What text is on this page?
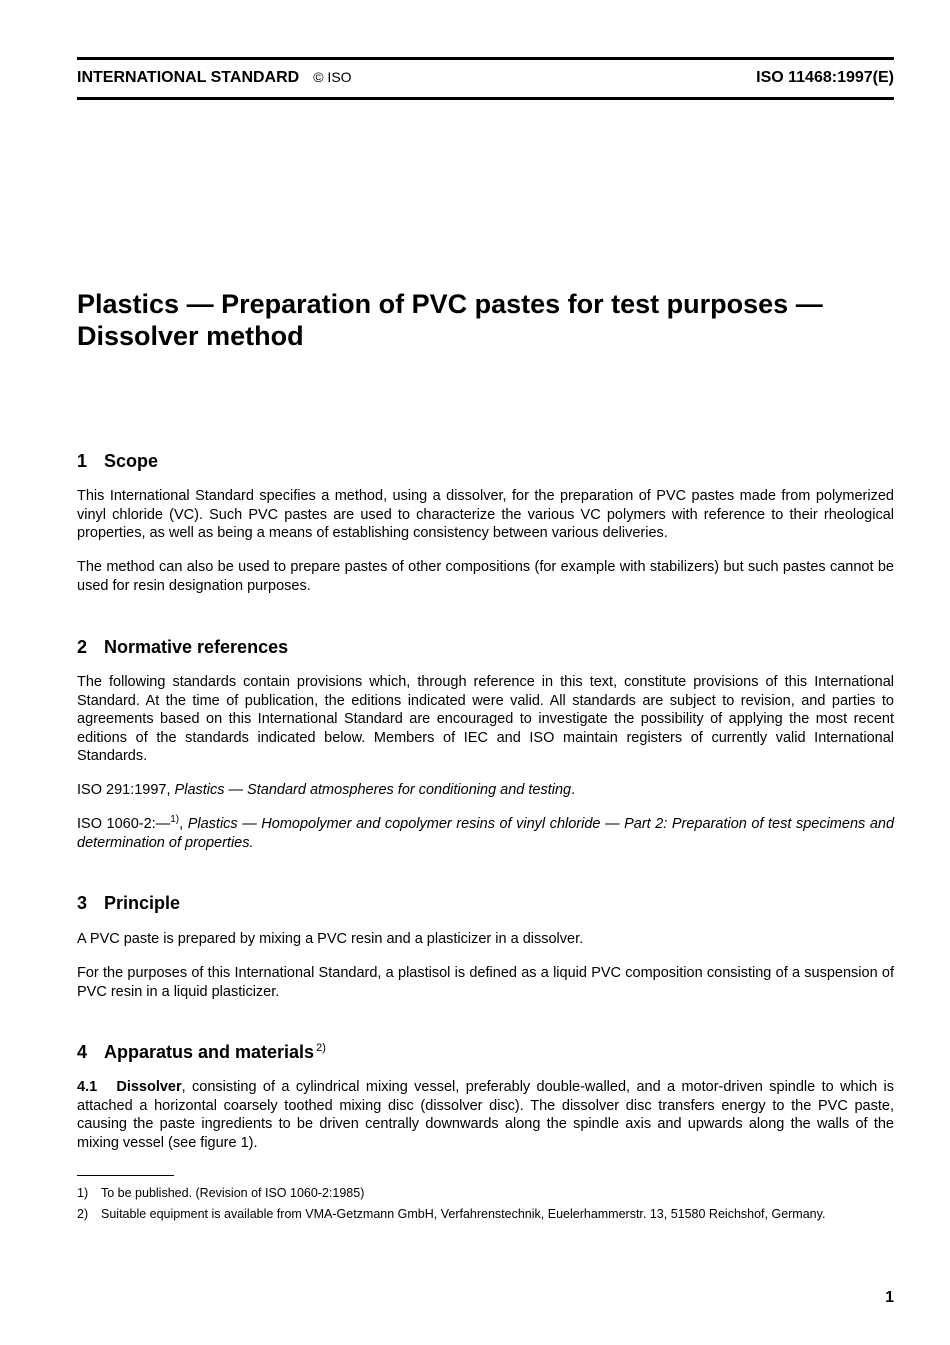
INTERNATIONAL STANDARD © ISO	ISO 11468:1997(E)
Plastics — Preparation of PVC pastes for test purposes —
Dissolver method
1 Scope

This International Standard specifies a method, using a dissolver, for the preparation of PVC pastes made from polymerized vinyl chloride (VC). Such PVC pastes are used to characterize the various VC polymers with reference to their rheological properties, as well as being a means of establishing consistency between various deliveries.

The method can also be used to prepare pastes of other compositions (for example with stabilizers) but such pastes cannot be used for resin designation purposes.

2 Normative references

The following standards contain provisions which, through reference in this text, constitute provisions of this International Standard. At the time of publication, the editions indicated were valid. All standards are subject to revision, and parties to agreements based on this International Standard are encouraged to investigate the possibility of applying the most recent editions of the standards indicated below. Members of IEC and ISO maintain registers of currently valid International Standards.

ISO 291:1997, Plastics — Standard atmospheres for conditioning and testing.

ISO 1060-2:—$^{1)}$, Plastics — Homopolymer and copolymer resins of vinyl chloride — Part 2: Preparation of test specimens and determination of properties.

3 Principle

A PVC paste is prepared by mixing a PVC resin and a plasticizer in a dissolver.

For the purposes of this International Standard, a plastisol is defined as a liquid PVC composition consisting of a suspension of PVC resin in a liquid plasticizer.

4 Apparatus and materials $^{2)}$

4.1 Dissolver, consisting of a cylindrical mixing vessel, preferably double-walled, and a motor-driven spindle to which is attached a horizontal coarsely toothed mixing disc (dissolver disc). The dissolver disc transfers energy to the PVC paste, causing the paste ingredients to be driven centrally downwards along the spindle axis and upwards along the walls of the mixing vessel (see figure 1).

1) To be published. (Revision of ISO 1060-2:1985)

2) Suitable equipment is available from VMA-Getzmann GmbH, Verfahrenstechnik, Euelerhammerstr. 13, 51580 Reichshof, Germany.

1
